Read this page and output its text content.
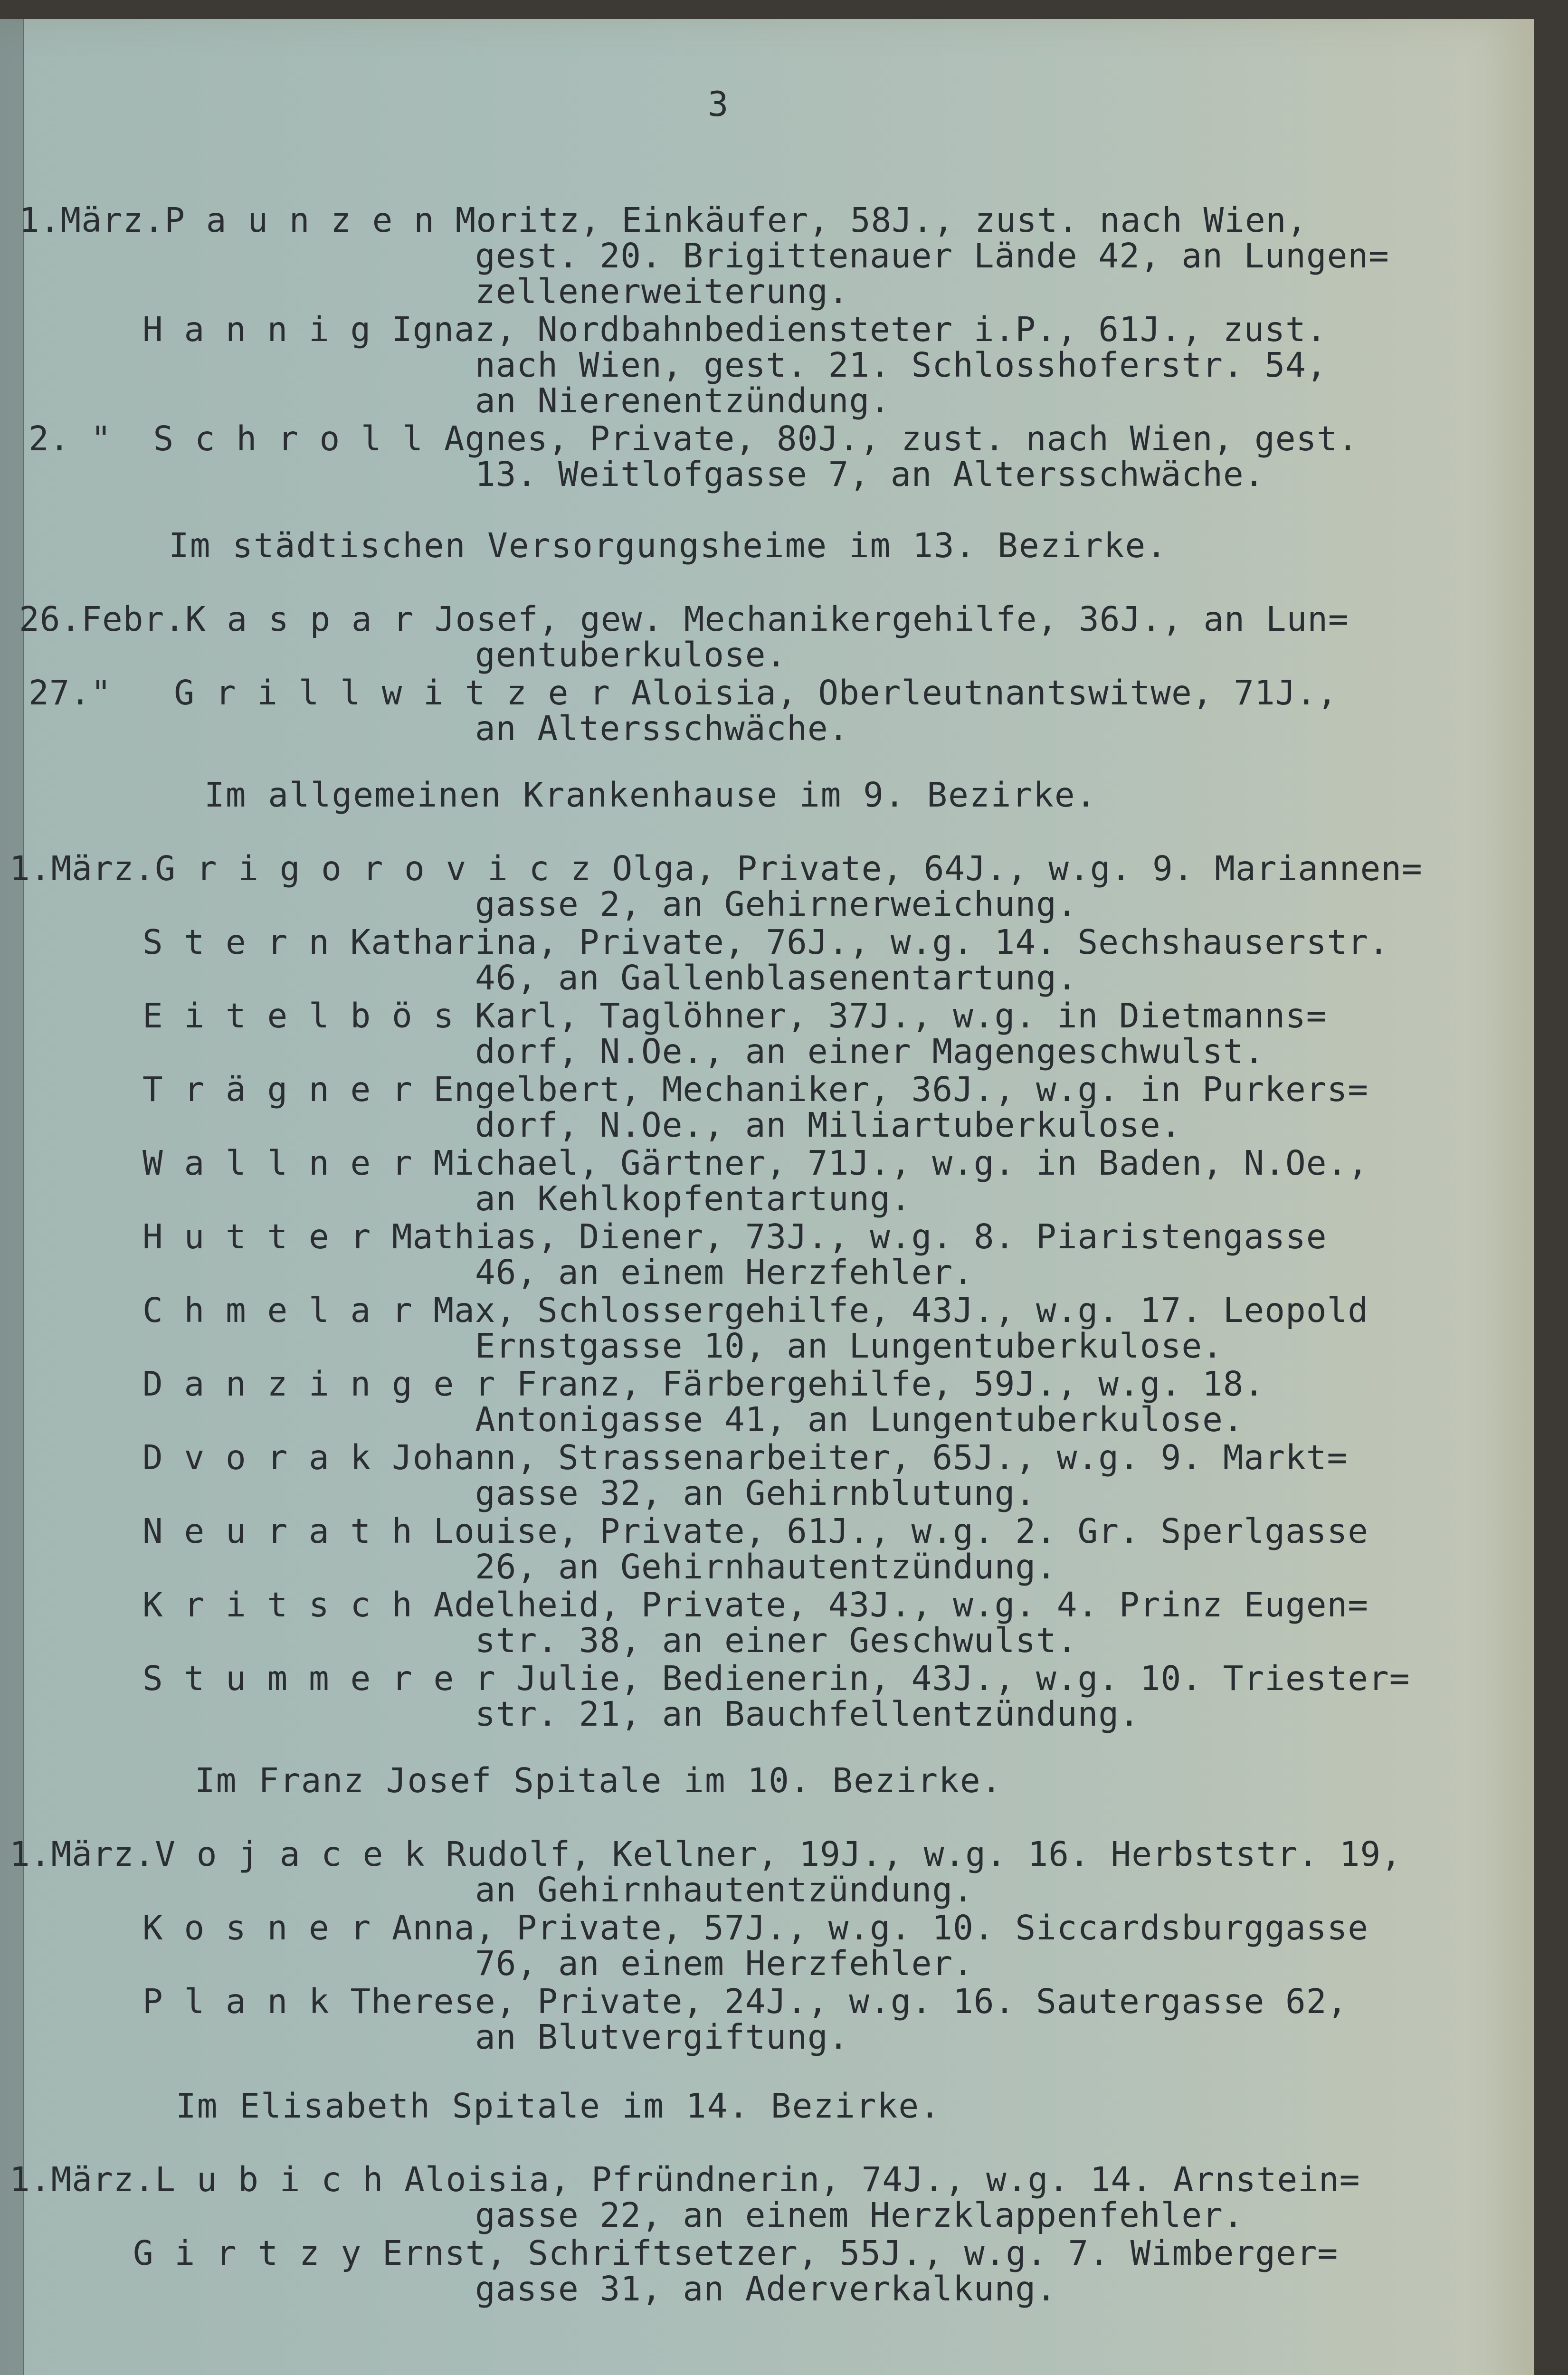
3

1.März.P a u n z e n Moritz, Einkäufer, 58J., zust. nach Wien,

gest. 20. Brigittenauer Lände 42, an Lungen=

zellenerweiterung.

H a n n i g Ignaz, Nordbahnbediensteter i.P., 61J., zust.

nach Wien, gest. 21. Schlosshoferstr. 54,

an Nierenentzündung.

2. "  S c h r o l l Agnes, Private, 80J., zust. nach Wien, gest.

13. Weitlofgasse 7, an Altersschwäche.

Im städtischen Versorgungsheime im 13. Bezirke.

26.Febr.K a s p a r Josef, gew. Mechanikergehilfe, 36J., an Lun=

gentuberkulose.

27."   G r i l l w i t z e r Aloisia, Oberleutnantswitwe, 71J.,

an Altersschwäche.

Im allgemeinen Krankenhause im 9. Bezirke.

1.März.G r i g o r o v i c z Olga, Private, 64J., w.g. 9. Mariannen=

gasse 2, an Gehirnerweichung.

S t e r n Katharina, Private, 76J., w.g. 14. Sechshauserstr.

46, an Gallenblasenentartung.

E i t e l b ö s Karl, Taglöhner, 37J., w.g. in Dietmanns=

dorf, N.Oe., an einer Magengeschwulst.

T r ä g n e r Engelbert, Mechaniker, 36J., w.g. in Purkers=

dorf, N.Oe., an Miliartuberkulose.

W a l l n e r Michael, Gärtner, 71J., w.g. in Baden, N.Oe.,

an Kehlkopfentartung.

H u t t e r Mathias, Diener, 73J., w.g. 8. Piaristengasse

46, an einem Herzfehler.

C h m e l a r Max, Schlossergehilfe, 43J., w.g. 17. Leopold

Ernstgasse 10, an Lungentuberkulose.

D a n z i n g e r Franz, Färbergehilfe, 59J., w.g. 18.

Antonigasse 41, an Lungentuberkulose.

D v o r a k Johann, Strassenarbeiter, 65J., w.g. 9. Markt=

gasse 32, an Gehirnblutung.

N e u r a t h Louise, Private, 61J., w.g. 2. Gr. Sperlgasse

26, an Gehirnhautentzündung.

K r i t s c h Adelheid, Private, 43J., w.g. 4. Prinz Eugen=

str. 38, an einer Geschwulst.

S t u m m e r e r Julie, Bedienerin, 43J., w.g. 10. Triester=

str. 21, an Bauchfellentzündung.

Im Franz Josef Spitale im 10. Bezirke.

1.März.V o j a c e k Rudolf, Kellner, 19J., w.g. 16. Herbststr. 19,

an Gehirnhautentzündung.

K o s n e r Anna, Private, 57J., w.g. 10. Siccardsburggasse

76, an einem Herzfehler.

P l a n k Therese, Private, 24J., w.g. 16. Sautergasse 62,

an Blutvergiftung.

Im Elisabeth Spitale im 14. Bezirke.

1.März.L u b i c h Aloisia, Pfründnerin, 74J., w.g. 14. Arnstein=

gasse 22, an einem Herzklappenfehler.

G i r t z y Ernst, Schriftsetzer, 55J., w.g. 7. Wimberger=

gasse 31, an Aderverkalkung.
